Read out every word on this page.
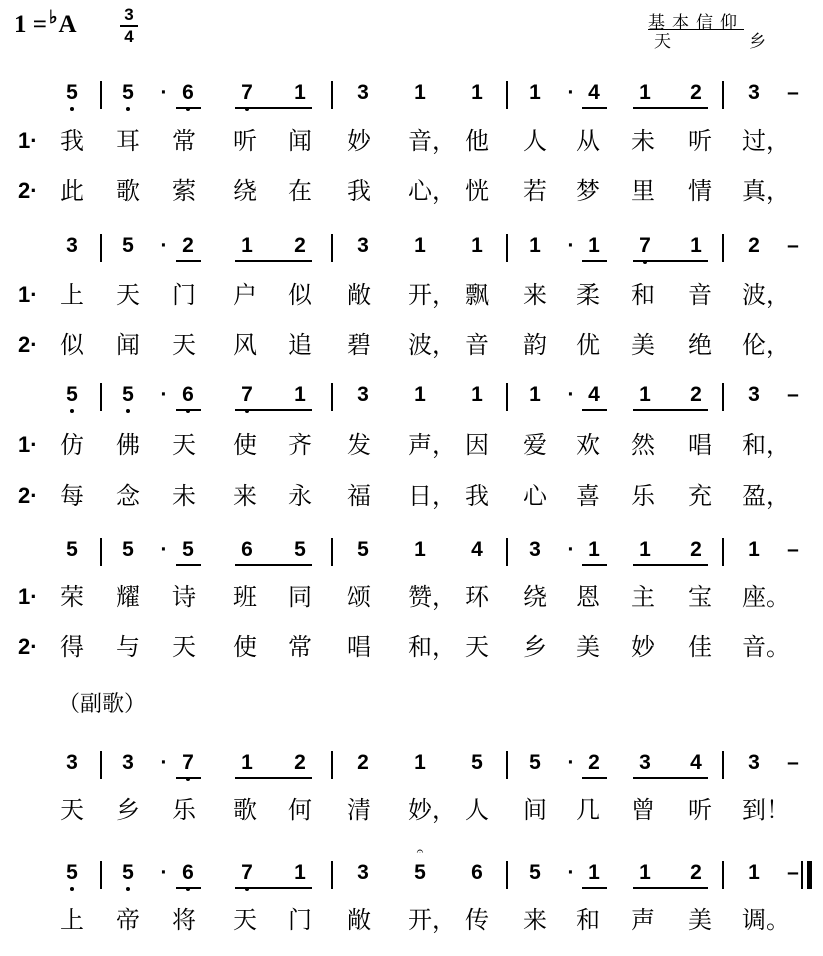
1 = ♭A	3
4
基本信仰
天	乡
（副歌）
5 5	· 6 7 1 3 1 1 1	· 4 1 2 3 –
1· 我 耳 常 听 闻 妙 音， 他 人 从 未 听 过，
2· 此 歌 萦 绕 在 我 心， 恍 若 梦 里 情 真，
3 5	· 2 1 2 3 1 1 1	· 1 7 1 2 –
1· 上 天 门 户 似 敞 开， 飘 来 柔 和 音 波，
2· 似 闻 天 风 追 碧 波， 音 韵 优 美 绝 伦，
5 5	· 6 7 1 3 1 1 1	· 4 1 2 3 –
1· 仿 佛 天 使 齐 发 声， 因 爱 欢 然 唱 和，
2· 每 念 未 来 永 福 日， 我 心 喜 乐 充 盈，
5 5	· 5 6 5 5 1 4 3	· 1 1 2 1 –
1· 荣 耀 诗 班 同 颂 赞， 环 绕 恩 主 宝 座。
2· 得 与 天 使 常 唱 和， 天 乡 美 妙 佳 音。
3 3	· 7 1 2 2 1 5 5	· 2 3 4 3 –
天 乡 乐 歌 何 清 妙， 人 间 几 曾 听 到！
5 5	· 6 7 1 3 5
𝄐
6 5	· 1 1 2 1 –
上 帝 将 天 门 敞 开， 传 来 和 声 美 调。
